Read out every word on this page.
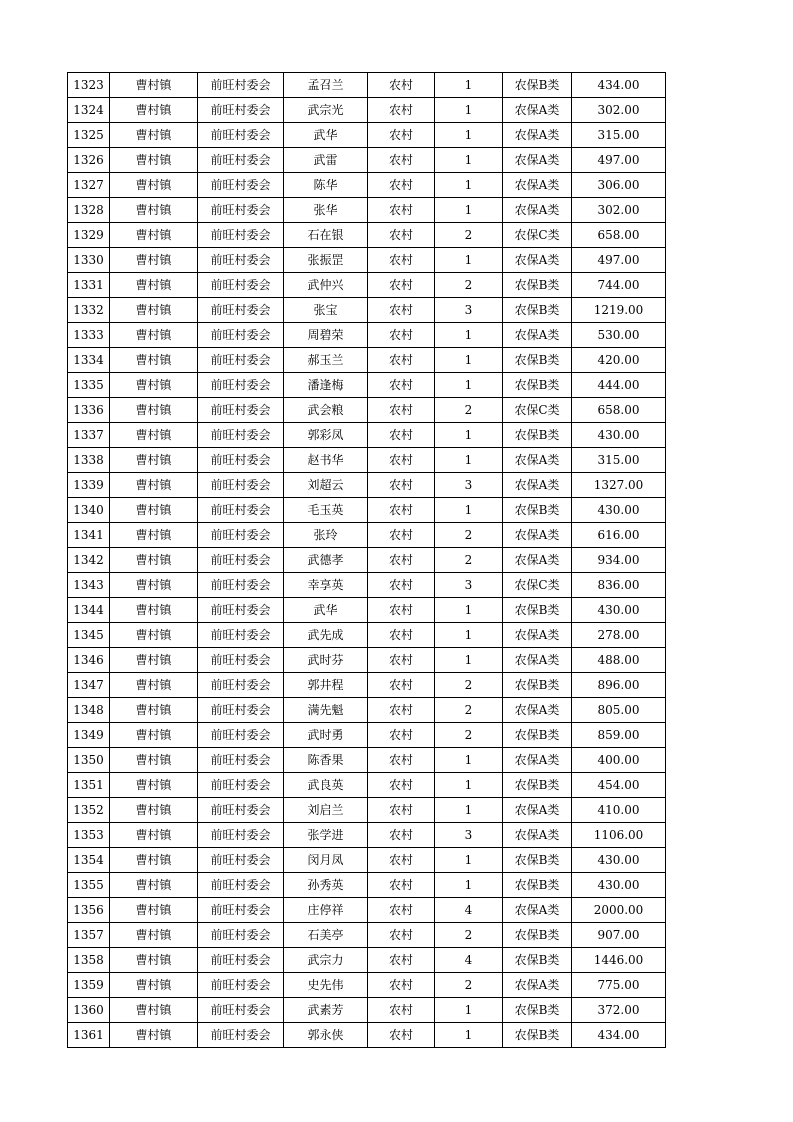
1323	曹村镇	前旺村委会	孟召兰	农村	1	农保B类	434.00
1324	曹村镇	前旺村委会	武宗光	农村	1	农保A类	302.00
1325	曹村镇	前旺村委会	武华	农村	1	农保A类	315.00
1326	曹村镇	前旺村委会	武雷	农村	1	农保A类	497.00
1327	曹村镇	前旺村委会	陈华	农村	1	农保A类	306.00
1328	曹村镇	前旺村委会	张华	农村	1	农保A类	302.00
1329	曹村镇	前旺村委会	石在银	农村	2	农保C类	658.00
1330	曹村镇	前旺村委会	张振罡	农村	1	农保A类	497.00
1331	曹村镇	前旺村委会	武仲兴	农村	2	农保B类	744.00
1332	曹村镇	前旺村委会	张宝	农村	3	农保B类	1219.00
1333	曹村镇	前旺村委会	周碧荣	农村	1	农保A类	530.00
1334	曹村镇	前旺村委会	郝玉兰	农村	1	农保B类	420.00
1335	曹村镇	前旺村委会	潘逢梅	农村	1	农保B类	444.00
1336	曹村镇	前旺村委会	武会粮	农村	2	农保C类	658.00
1337	曹村镇	前旺村委会	郭彩凤	农村	1	农保B类	430.00
1338	曹村镇	前旺村委会	赵书华	农村	1	农保A类	315.00
1339	曹村镇	前旺村委会	刘超云	农村	3	农保A类	1327.00
1340	曹村镇	前旺村委会	毛玉英	农村	1	农保B类	430.00
1341	曹村镇	前旺村委会	张玲	农村	2	农保A类	616.00
1342	曹村镇	前旺村委会	武德孝	农村	2	农保A类	934.00
1343	曹村镇	前旺村委会	幸享英	农村	3	农保C类	836.00
1344	曹村镇	前旺村委会	武华	农村	1	农保B类	430.00
1345	曹村镇	前旺村委会	武先成	农村	1	农保A类	278.00
1346	曹村镇	前旺村委会	武时芬	农村	1	农保A类	488.00
1347	曹村镇	前旺村委会	郭井程	农村	2	农保B类	896.00
1348	曹村镇	前旺村委会	满先魁	农村	2	农保A类	805.00
1349	曹村镇	前旺村委会	武时勇	农村	2	农保B类	859.00
1350	曹村镇	前旺村委会	陈香果	农村	1	农保A类	400.00
1351	曹村镇	前旺村委会	武良英	农村	1	农保B类	454.00
1352	曹村镇	前旺村委会	刘启兰	农村	1	农保A类	410.00
1353	曹村镇	前旺村委会	张学进	农村	3	农保A类	1106.00
1354	曹村镇	前旺村委会	闵月凤	农村	1	农保B类	430.00
1355	曹村镇	前旺村委会	孙秀英	农村	1	农保B类	430.00
1356	曹村镇	前旺村委会	庄停祥	农村	4	农保A类	2000.00
1357	曹村镇	前旺村委会	石美亭	农村	2	农保B类	907.00
1358	曹村镇	前旺村委会	武宗力	农村	4	农保B类	1446.00
1359	曹村镇	前旺村委会	史先伟	农村	2	农保A类	775.00
1360	曹村镇	前旺村委会	武素芳	农村	1	农保B类	372.00
1361	曹村镇	前旺村委会	郭永侠	农村	1	农保B类	434.00
